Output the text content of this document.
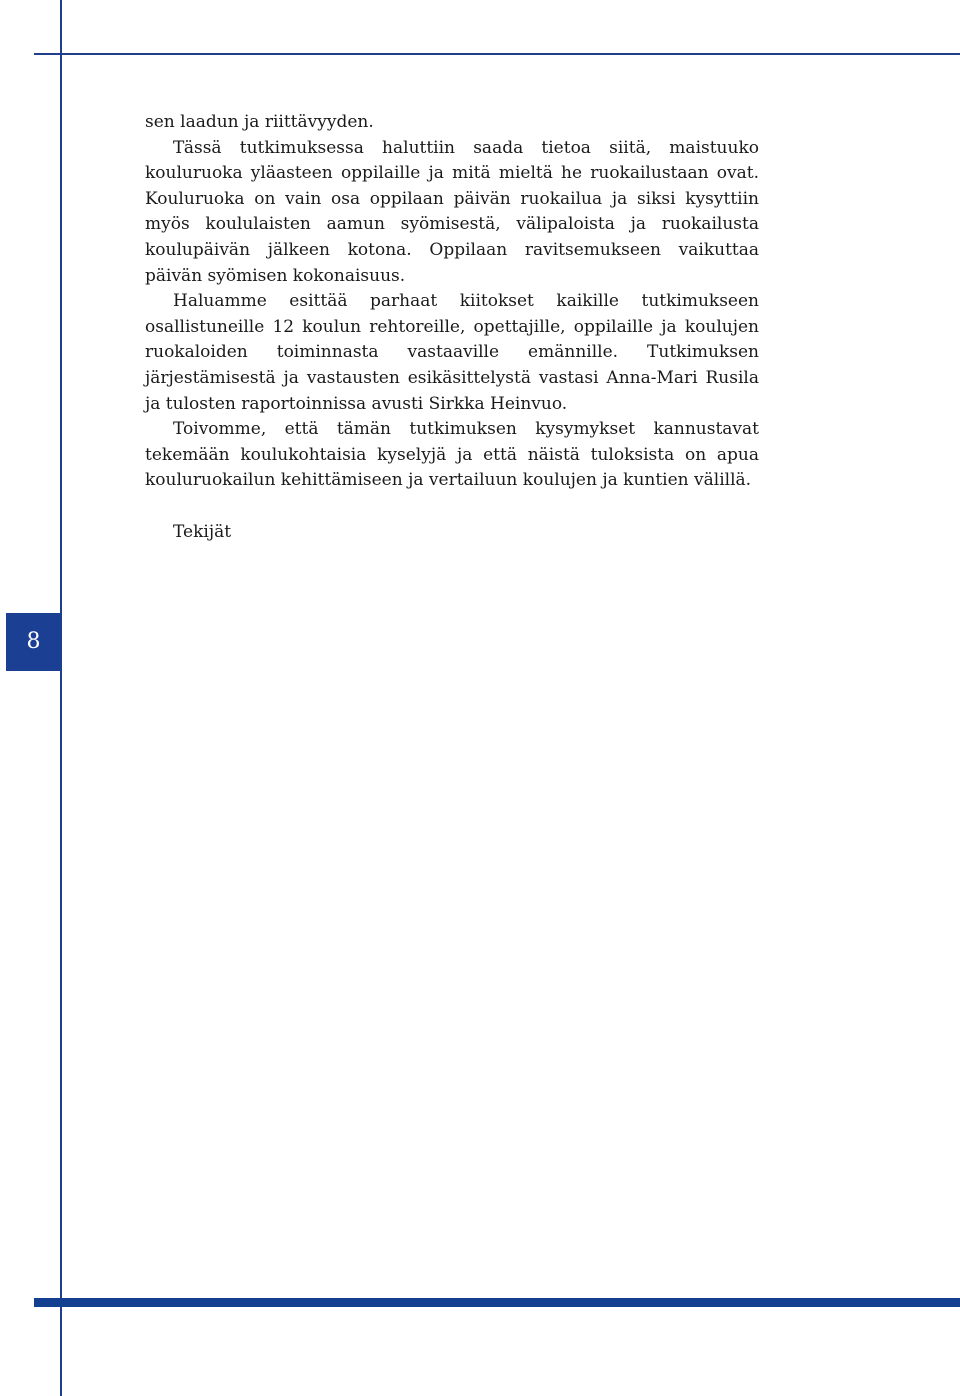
8

sen laadun ja riittävyyden.

Tässä tutkimuksessa haluttiin saada tietoa siitä, maistuuko kouluruoka yläasteen oppilaille ja mitä mieltä he ruokailustaan ovat. Kouluruoka on vain osa oppilaan päivän ruokailua ja siksi kysyttiin myös koululaisten aamun syömisestä, välipaloista ja ruokailusta koulupäivän jälkeen kotona. Oppilaan ravitsemukseen vaikuttaa päivän syömisen kokonaisuus.

Haluamme esittää parhaat kiitokset kaikille tutkimukseen osallistuneille 12 koulun rehtoreille, opettajille, oppilaille ja koulujen ruokaloiden toiminnasta vastaaville emännille. Tutkimuksen järjestämisestä ja vastausten esikäsittelystä vastasi Anna-Mari Rusila ja tulosten raportoinnissa avusti Sirkka Heinvuo.

Toivomme, että tämän tutkimuksen kysymykset kannustavat tekemään koulukohtaisia kyselyjä ja että näistä tuloksista on apua kouluruokailun kehittämiseen ja vertailuun koulujen ja kuntien välillä.

Tekijät
